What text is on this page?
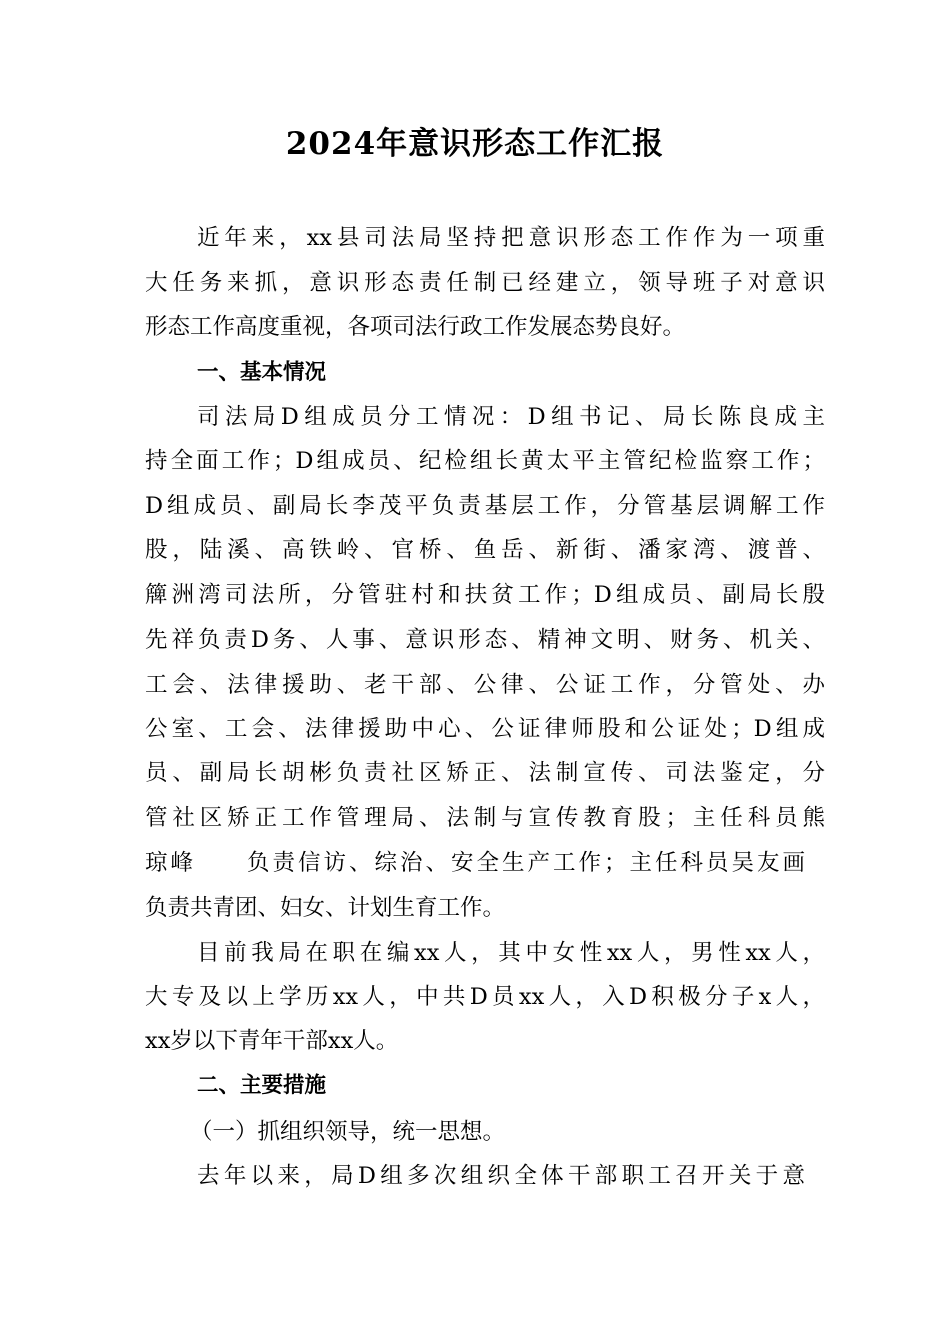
2024年意识形态工作汇报
近年来，xx县司法局坚持把意识形态工作作为一项重
大任务来抓，意识形态责任制已经建立，领导班子对意识
形态工作高度重视，各项司法行政工作发展态势良好。
一、基本情况
司法局D组成员分工情况：D组书记、局长陈良成主
持全面工作；D组成员、纪检组长黄太平主管纪检监察工作；
D组成员、副局长李茂平负责基层工作，分管基层调解工作
股，陆溪、高铁岭、官桥、鱼岳、新街、潘家湾、渡普、
簰洲湾司法所，分管驻村和扶贫工作；D组成员、副局长殷
先祥负责D务、人事、意识形态、精神文明、财务、机关、
工会、法律援助、老干部、公律、公证工作，分管处、办
公室、工会、法律援助中心、公证律师股和公证处；D组成
员、副局长胡彬负责社区矫正、法制宣传、司法鉴定，分
管社区矫正工作管理局、法制与宣传教育股；主任科员熊
琼峰　　负责信访、综治、安全生产工作；主任科员吴友画
负责共青团、妇女、计划生育工作。
目前我局在职在编xx人，其中女性xx人，男性xx人，
大专及以上学历xx人，中共D员xx人，入D积极分子x人，
xx岁以下青年干部xx人。
二、主要措施
（一）抓组织领导，统一思想。
去年以来，局D组多次组织全体干部职工召开关于意
